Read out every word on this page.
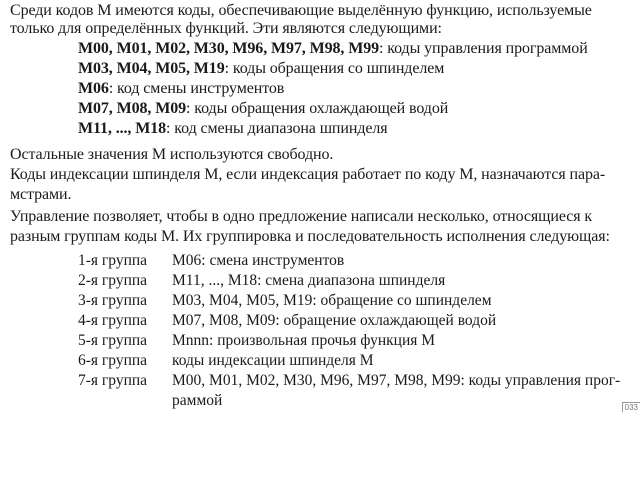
Среди кодов М имеются коды, обеспечивающие выделённую функцию, используемые
только для определённых функций. Эти являются следующими:
M00, M01, M02, M30, M96, M97, M98, M99: коды управления программой
M03, M04, M05, M19: коды обращения со шпинделем
M06: код смены инструментов
M07, M08, M09: коды обращения охлаждающей водой
M11, ..., M18: код смены диапазона шпинделя
Остальные значения М используются свободно.
Коды индексации шпинделя М, если индексация работает по коду М, назначаются пара-
мстрами.
Управление позволяет, чтобы в одно предложение написали несколько, относящиеся к
разным группам коды М. Их группировка и последовательность исполнения следующая:
1-я группа M06: смена инструментов
2-я группа M11, ..., M18: смена диапазона шпинделя
3-я группа M03, M04, M05, M19: обращение со шпинделем
4-я группа M07, M08, M09: обращение охлаждающей водой
5-я группа Mnnn: произвольная прочья функция М
6-я группа коды индексации шпинделя М
7-я группа M00, M01, M02, M30, M96, M97, M98, M99: коды управления прог-
раммой	033
